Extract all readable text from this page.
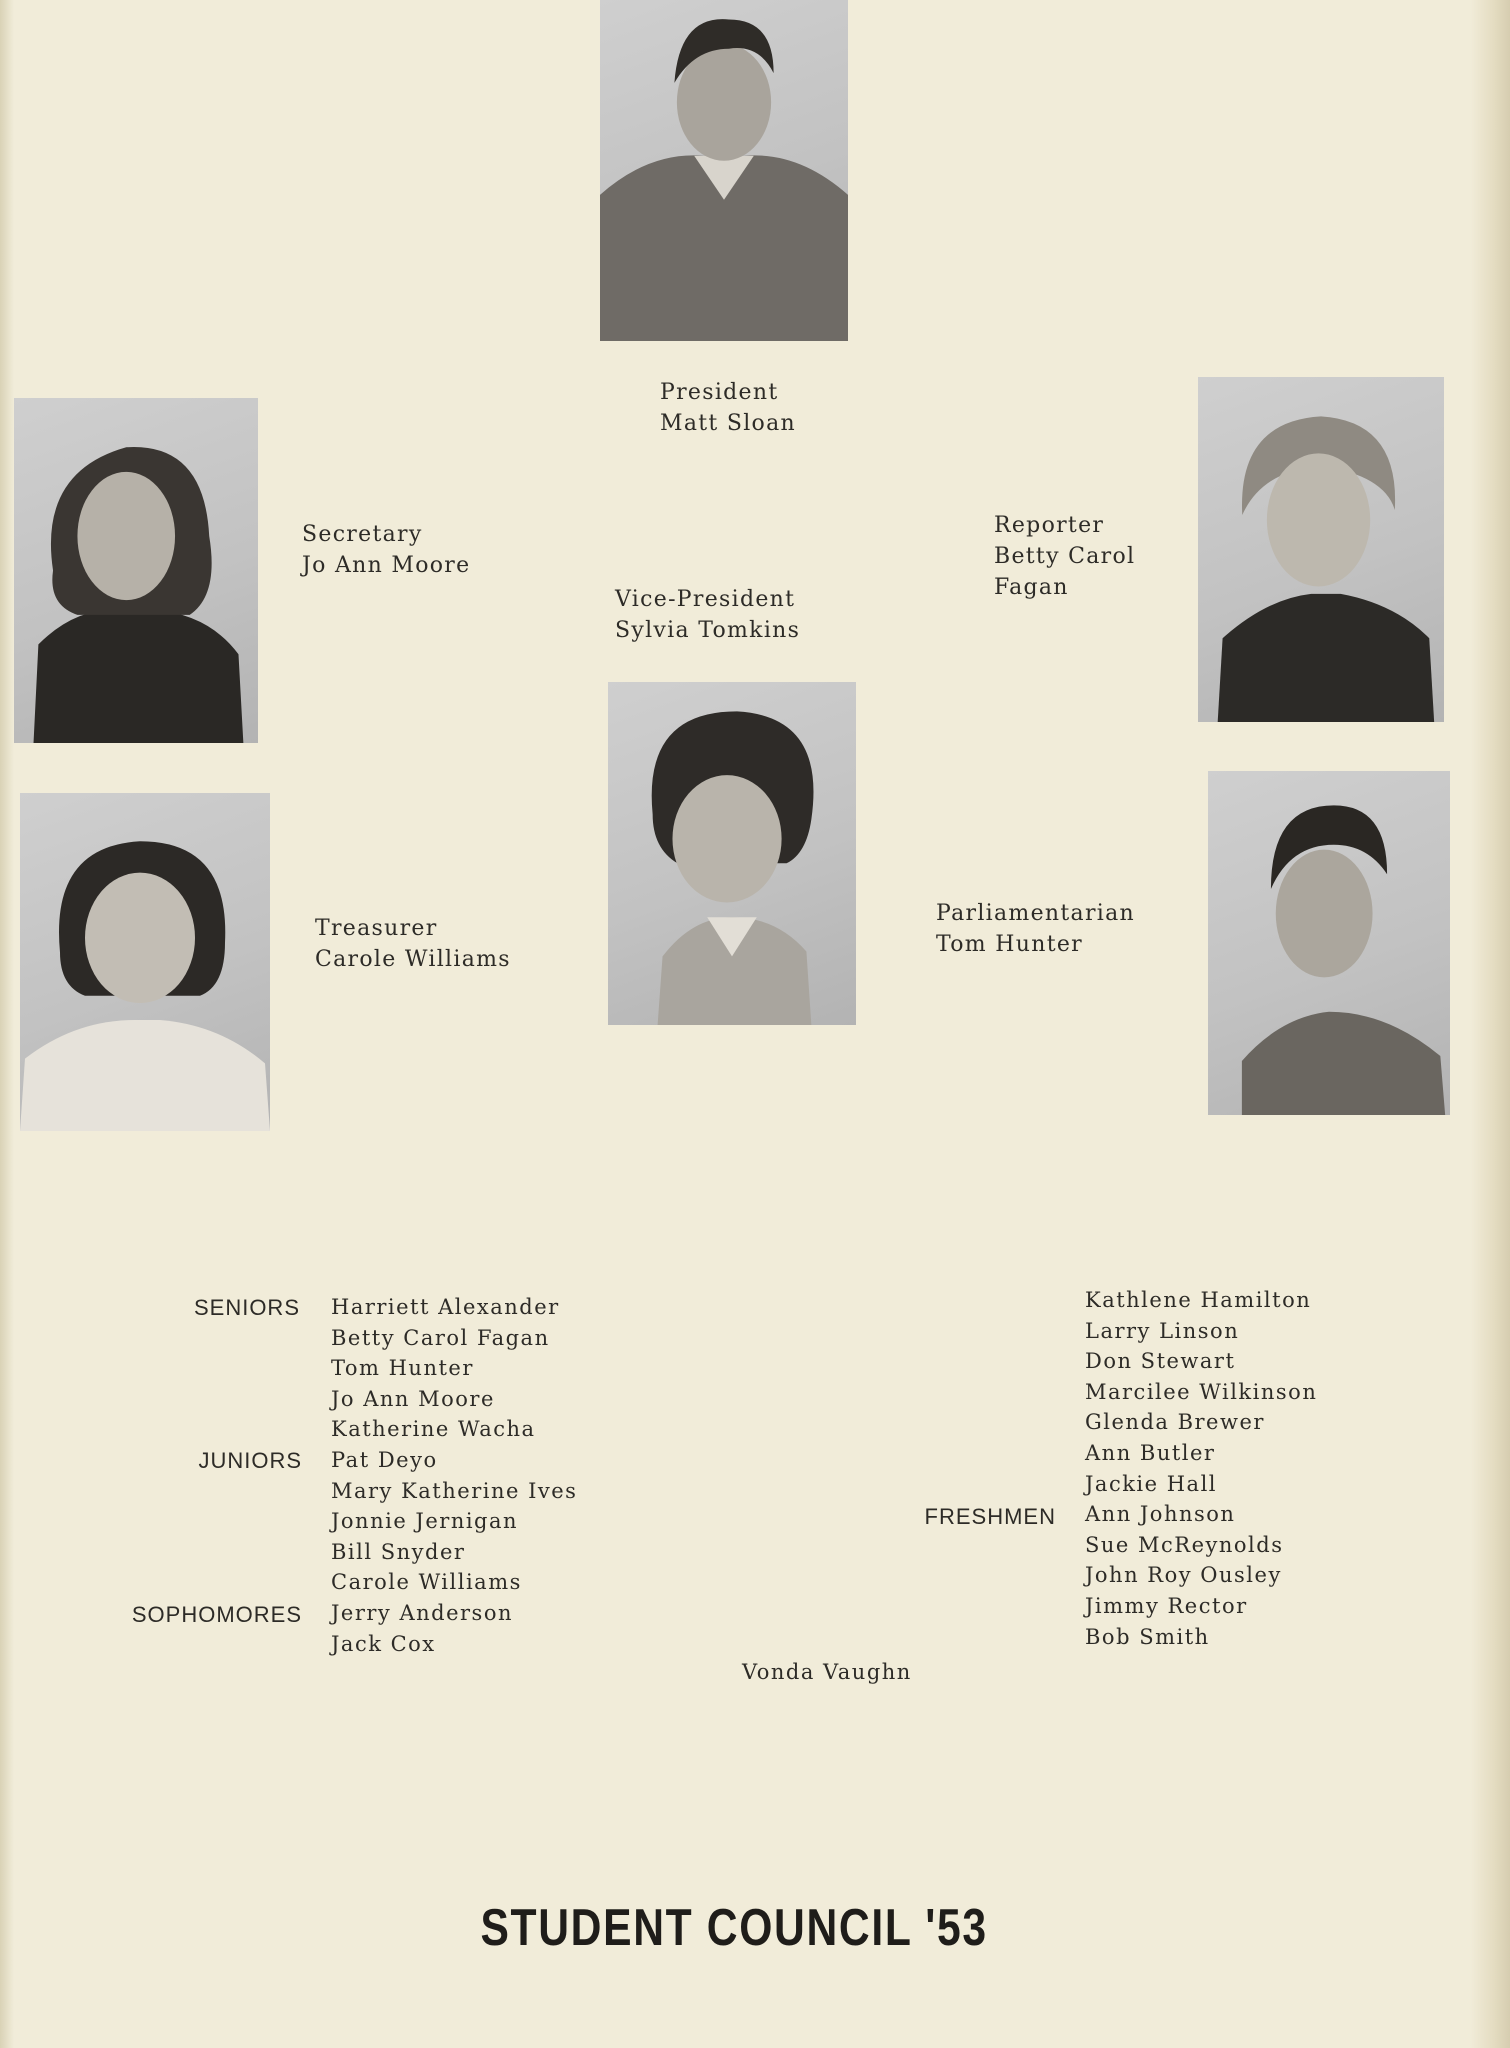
President
Matt Sloan
Secretary
Jo Ann Moore
Reporter
Betty Carol
Fagan
Vice-President
Sylvia Tomkins
Treasurer
Carole Williams
Parliamentarian
Tom Hunter
SENIORS
JUNIORS
SOPHOMORES
FRESHMEN
Harriett Alexander
Betty Carol Fagan
Tom Hunter
Jo Ann Moore
Katherine Wacha
Pat Deyo
Mary Katherine Ives
Jonnie Jernigan
Bill Snyder
Carole Williams
Jerry Anderson
Jack Cox
Vonda Vaughn
Kathlene Hamilton
Larry Linson
Don Stewart
Marcilee Wilkinson
Glenda Brewer
Ann Butler
Jackie Hall
Ann Johnson
Sue McReynolds
John Roy Ousley
Jimmy Rector
Bob Smith
STUDENT COUNCIL '53
